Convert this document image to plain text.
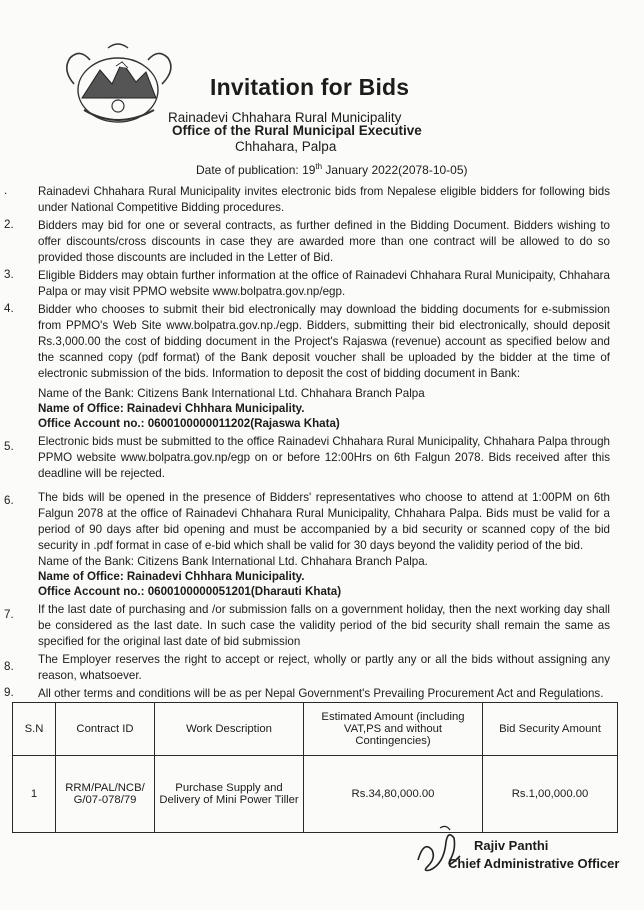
Invitation for Bids
Rainadevi Chhahara Rural Municipality
Office of the Rural Municipal Executive
Chhahara, Palpa
Date of publication: 19th January 2022(2078-10-05)
.	Rainadevi Chhahara Rural Municipality invites electronic bids from Nepalese eligible bidders for following bids under National Competitive Bidding procedures.
2. Bidders may bid for one or several contracts, as further defined in the Bidding Document. Bidders wishing to offer discounts/cross discounts in case they are awarded more than one contract will be allowed to do so provided those discounts are included in the Letter of Bid.
3. Eligible Bidders may obtain further information at the office of Rainadevi Chhahara Rural Municipaity, Chhahara Palpa or may visit PPMO website www.bolpatra.gov.np/egp.
4. Bidder who chooses to submit their bid electronically may download the bidding documents for e-submission from PPMO's Web Site www.bolpatra.gov.np./egp. Bidders, submitting their bid electronically, should deposit Rs.3,000.00 the cost of bidding document in the Project's Rajaswa (revenue) account as specified below and the scanned copy (pdf format) of the Bank deposit voucher shall be uploaded by the bidder at the time of electronic submission of the bids. Information to deposit the cost of bidding document in Bank:
Name of the Bank: Citizens Bank International Ltd. Chhahara Branch Palpa
Name of Office: Rainadevi Chhhara Municipality.
Office Account no.: 0600100000011202(Rajaswa Khata)
5. Electronic bids must be submitted to the office Rainadevi Chhahara Rural Municipality, Chhahara Palpa through PPMO website www.bolpatra.gov.np/egp on or before 12:00Hrs on 6th Falgun 2078. Bids received after this deadline will be rejected.
6. The bids will be opened in the presence of Bidders' representatives who choose to attend at 1:00PM on 6th Falgun 2078 at the office of Rainadevi Chhahara Rural Municipality, Chhahara Palpa. Bids must be valid for a period of 90 days after bid opening and must be accompanied by a bid security or scanned copy of the bid security in .pdf format in case of e-bid which shall be valid for 30 days beyond the validity period of the bid.
Name of the Bank: Citizens Bank International Ltd. Chhahara Branch Palpa.
Name of Office: Rainadevi Chhhara Municipality.
Office Account no.: 0600100000051201(Dharauti Khata)
7. If the last date of purchasing and /or submission falls on a government holiday, then the next working day shall be considered as the last date. In such case the validity period of the bid security shall remain the same as specified for the original last date of bid submission
8.
The Employer reserves the right to accept or reject, wholly or partly any or all the bids without assigning any reason, whatsoever.
9. All other terms and conditions will be as per Nepal Government's Prevailing Procurement Act and Regulations.
S.N	Contract ID	Work Description	Estimated Amount (including VAT,PS and without Contingencies)	Bid Security Amount
1	RRM/PAL/NCB/ G/07-078/79	Purchase Supply and Delivery of Mini Power Tiller	Rs.34,80,000.00	Rs.1,00,000.00
Rajiv Panthi
Chief Administrative Officer
